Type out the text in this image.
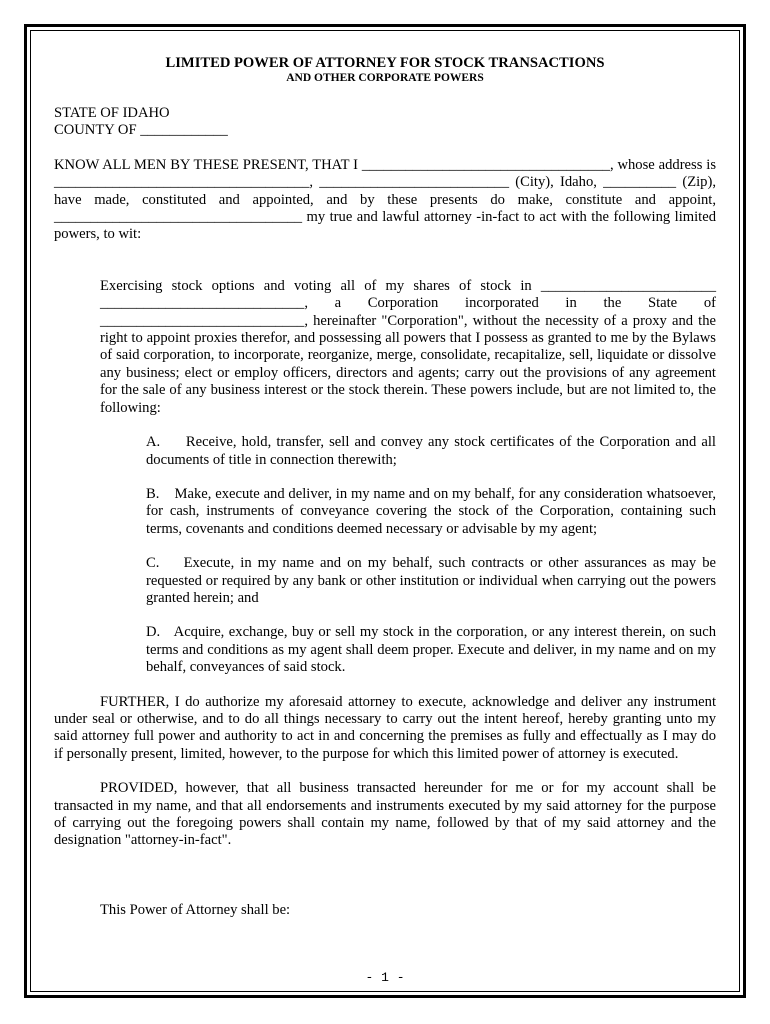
LIMITED POWER OF ATTORNEY FOR STOCK TRANSACTIONS
AND OTHER CORPORATE POWERS
STATE OF IDAHO
COUNTY OF ____________

KNOW ALL MEN BY THESE PRESENT, THAT I __________________________________, whose address is ___________________________________, __________________________ (City), Idaho, __________ (Zip), have made, constituted and appointed, and by these presents do make, constitute and appoint, __________________________________ my true and lawful attorney -in-fact to act with the following limited powers, to wit:

Exercising stock options and voting all of my shares of stock in ________________________ ____________________________, a Corporation incorporated in the State of ____________________________, hereinafter "Corporation", without the necessity of a proxy and the right to appoint proxies therefor, and possessing all powers that I possess as granted to me by the Bylaws of said corporation, to incorporate, reorganize, merge, consolidate, recapitalize, sell, liquidate or dissolve any business; elect or employ officers, directors and agents; carry out the provisions of any agreement for the sale of any business interest or the stock therein. These powers include, but are not limited to, the following:

A.     Receive, hold, transfer, sell and convey any stock certificates of the Corporation and all documents of title in connection therewith;

B.    Make, execute and deliver, in my name and on my behalf, for any consideration whatsoever, for cash, instruments of conveyance covering the stock of the Corporation, containing such terms, covenants and conditions deemed necessary or advisable by my agent;

C.    Execute, in my name and on my behalf, such contracts or other assurances as may be requested or required by any bank or other institution or individual when carrying out the powers granted herein; and

D.   Acquire, exchange, buy or sell my stock in the corporation, or any interest therein, on such terms and conditions as my agent shall deem proper. Execute and deliver, in my name and on my behalf, conveyances of said stock.

FURTHER, I do authorize my aforesaid attorney to execute, acknowledge and deliver any instrument under seal or otherwise, and to do all things necessary to carry out the intent hereof, hereby granting unto my said attorney full power and authority to act in and concerning the premises as fully and effectually as I may do if personally present, limited, however, to the purpose for which this limited power of attorney is executed.

PROVIDED, however, that all business transacted hereunder for me or for my account shall be transacted in my name, and that all endorsements and instruments executed by my said attorney for the purpose of carrying out the foregoing powers shall contain my name, followed by that of my said attorney and the designation "attorney-in-fact".

This Power of Attorney shall be:

- 1 -
